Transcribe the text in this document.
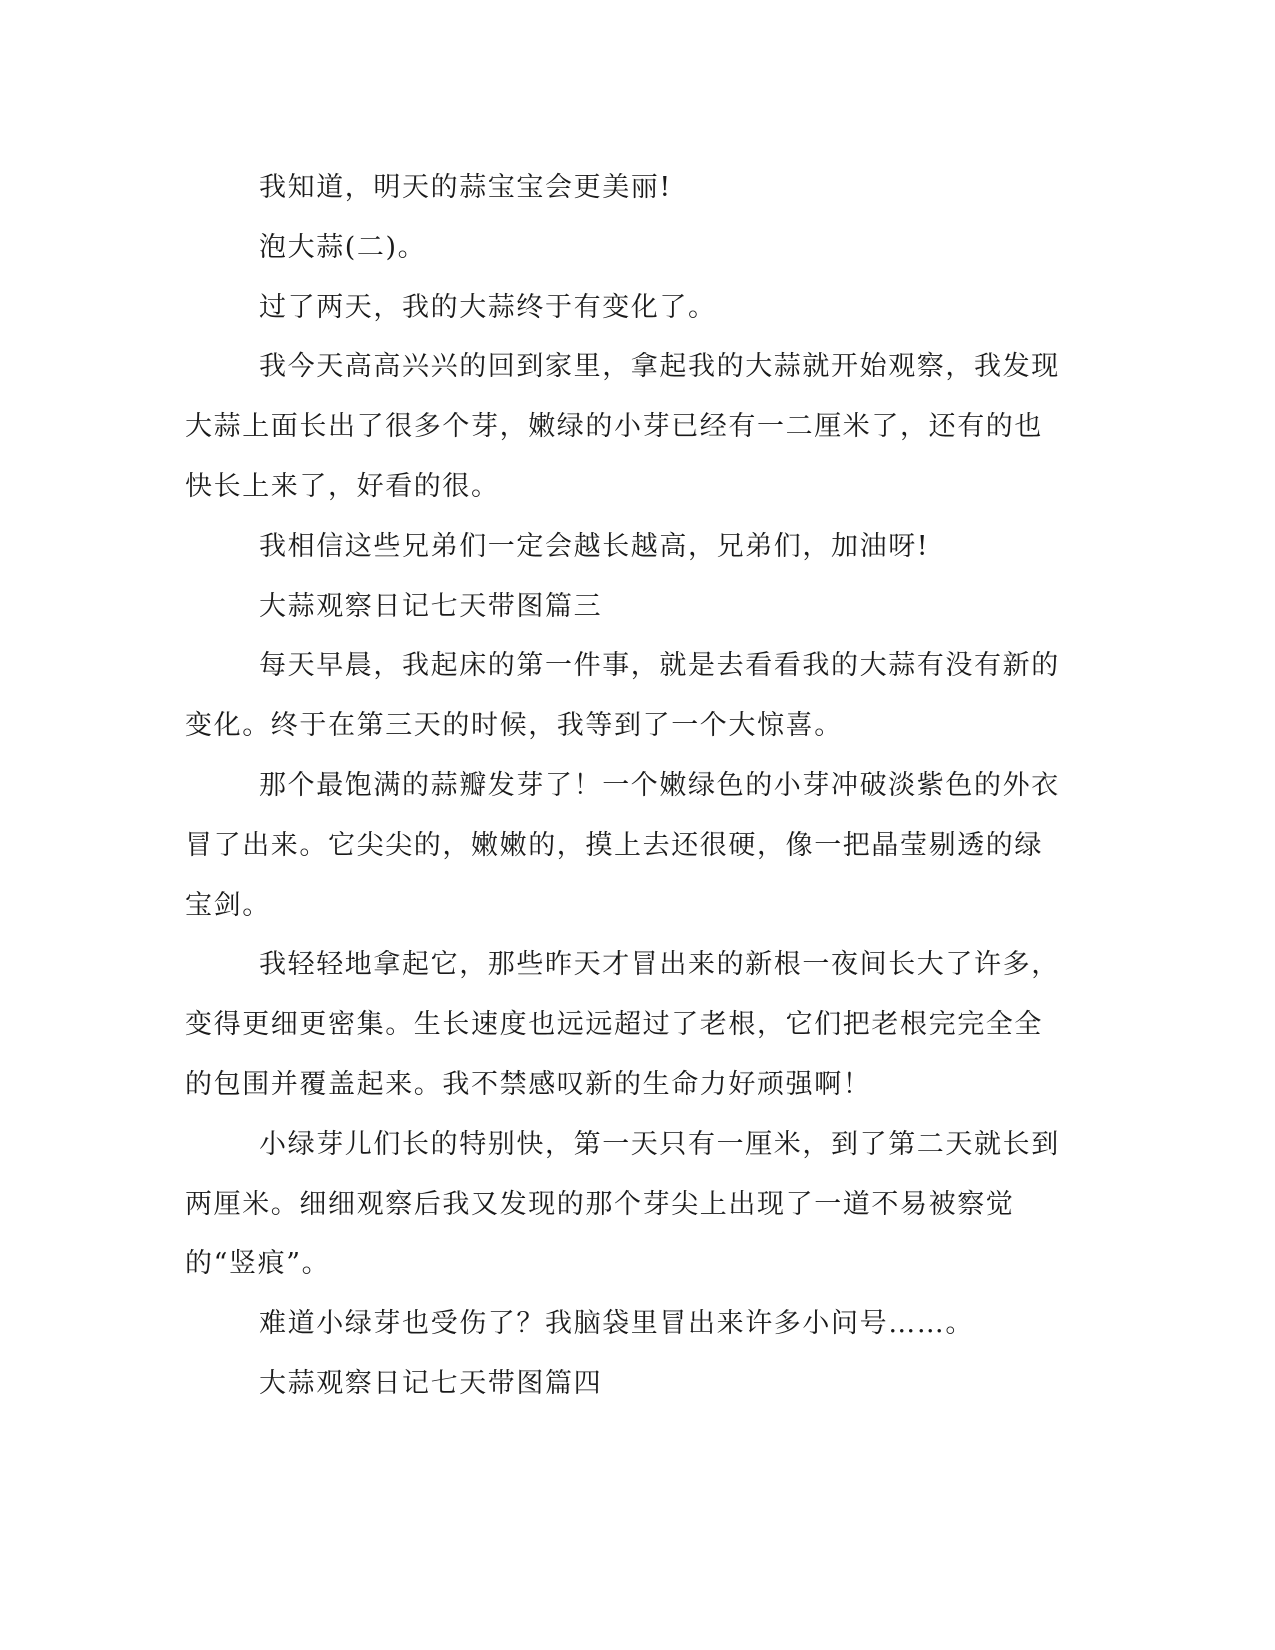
我知道，明天的蒜宝宝会更美丽!

泡大蒜(二)。

过了两天，我的大蒜终于有变化了。

我今天高高兴兴的回到家里，拿起我的大蒜就开始观察，我发现大蒜上面长出了很多个芽，嫩绿的小芽已经有一二厘米了，还有的也快长上来了，好看的很。

我相信这些兄弟们一定会越长越高，兄弟们，加油呀!

大蒜观察日记七天带图篇三

每天早晨，我起床的第一件事，就是去看看我的大蒜有没有新的变化。终于在第三天的时候，我等到了一个大惊喜。

那个最饱满的蒜瓣发芽了！一个嫩绿色的小芽冲破淡紫色的外衣冒了出来。它尖尖的，嫩嫩的，摸上去还很硬，像一把晶莹剔透的绿宝剑。

我轻轻地拿起它，那些昨天才冒出来的新根一夜间长大了许多，变得更细更密集。生长速度也远远超过了老根，它们把老根完完全全的包围并覆盖起来。我不禁感叹新的生命力好顽强啊！

小绿芽儿们长的特别快，第一天只有一厘米，到了第二天就长到两厘米。细细观察后我又发现的那个芽尖上出现了一道不易被察觉的“竖痕”。

难道小绿芽也受伤了？我脑袋里冒出来许多小问号……。

大蒜观察日记七天带图篇四
